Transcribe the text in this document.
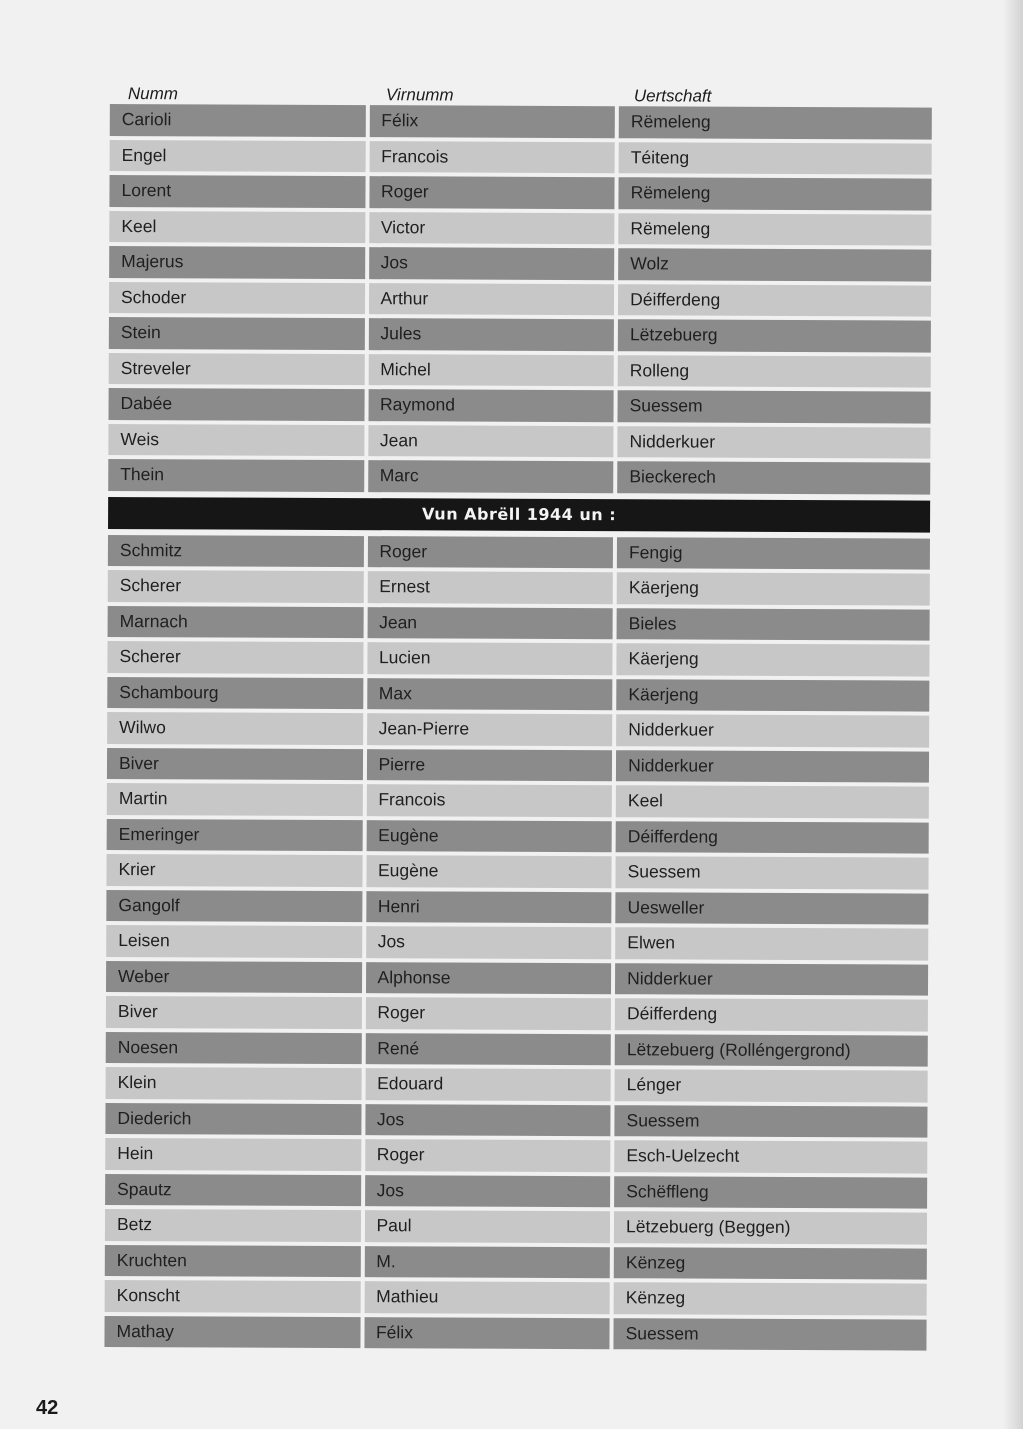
Numm	Virnumm	Uertschaft
Carioli	Félix	Rëmeleng
Engel	Francois	Téiteng
Lorent	Roger	Rëmeleng
Keel	Victor	Rëmeleng
Majerus	Jos	Wolz
Schoder	Arthur	Déifferdeng
Stein	Jules	Lëtzebuerg
Streveler	Michel	Rolleng
Dabée	Raymond	Suessem
Weis	Jean	Nidderkuer
Thein	Marc	Bieckerech
Vun Abrëll 1944 un :
Schmitz	Roger	Fengig
Scherer	Ernest	Käerjeng
Marnach	Jean	Bieles
Scherer	Lucien	Käerjeng
Schambourg	Max	Käerjeng
Wilwo	Jean-Pierre	Nidderkuer
Biver	Pierre	Nidderkuer
Martin	Francois	Keel
Emeringer	Eugène	Déifferdeng
Krier	Eugène	Suessem
Gangolf	Henri	Uesweller
Leisen	Jos	Elwen
Weber	Alphonse	Nidderkuer
Biver	Roger	Déifferdeng
Noesen	René	Lëtzebuerg (Rolléngergrond)
Klein	Edouard	Lénger
Diederich	Jos	Suessem
Hein	Roger	Esch-Uelzecht
Spautz	Jos	Schëffleng
Betz	Paul	Lëtzebuerg (Beggen)
Kruchten	M.	Kënzeg
Konscht	Mathieu	Kënzeg
Mathay	Félix	Suessem
42
